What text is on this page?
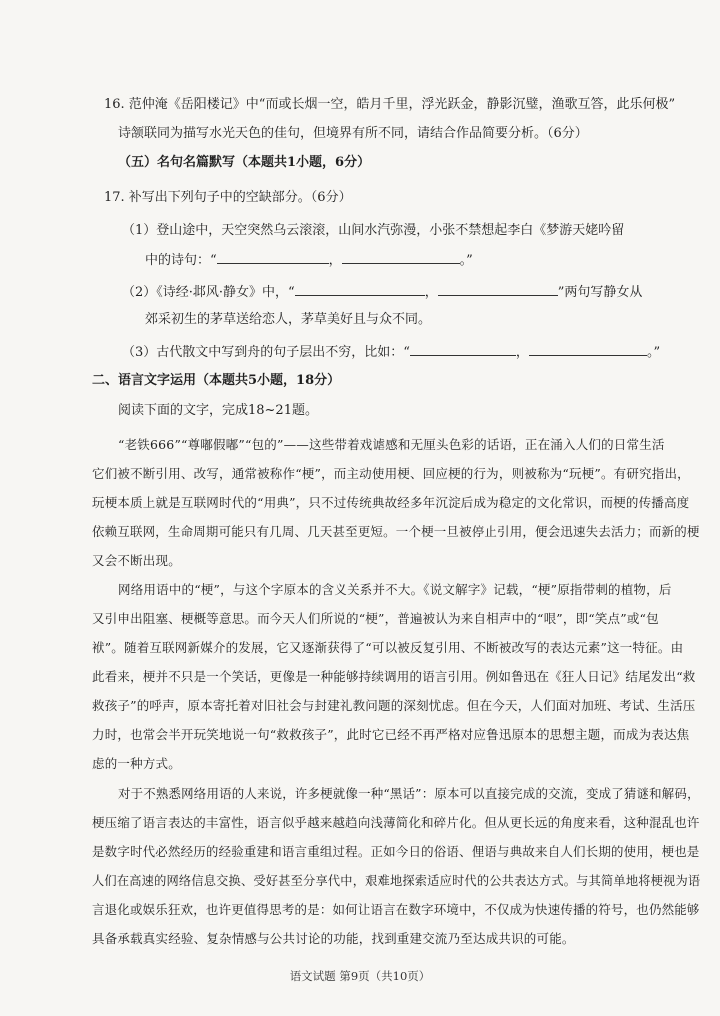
16. 范仲淹《岳阳楼记》中“而或长烟一空，皓月千里，浮光跃金，静影沉璧，渔歌互答，此乐何极”
诗颔联同为描写水光天色的佳句，但境界有所不同，请结合作品简要分析。（6分）
（五）名句名篇默写（本题共1小题，6分）
17. 补写出下列句子中的空缺部分。（6分）
（1）登山途中，天空突然乌云滚滚，山间水汽弥漫，小张不禁想起李白《梦游天姥吟留
中的诗句：“	，	。”
（2）《诗经·邶风·静女》中，“	，	”两句写静女从
郊采初生的茅草送给恋人，茅草美好且与众不同。
（3）古代散文中写到舟的句子层出不穷，比如：“	，	。”
二、语言文字运用（本题共5小题，18分）
阅读下面的文字，完成18~21题。
“老铁666”“尊嘟假嘟”“包的”——这些带着戏谑感和无厘头色彩的话语，正在涌入人们的日常生活
它们被不断引用、改写，通常被称作“梗”，而主动使用梗、回应梗的行为，则被称为“玩梗”。有研究指出，
玩梗本质上就是互联网时代的“用典”，只不过传统典故经多年沉淀后成为稳定的文化常识，而梗的传播高度
依赖互联网，生命周期可能只有几周、几天甚至更短。一个梗一旦被停止引用，便会迅速失去活力；而新的梗
又会不断出现。
网络用语中的“梗”，与这个字原本的含义关系并不大。《说文解字》记载，“梗”原指带刺的植物，后
又引申出阻塞、梗概等意思。而今天人们所说的“梗”，普遍被认为来自相声中的“哏”，即“笑点”或“包
袱”。随着互联网新媒介的发展，它又逐渐获得了“可以被反复引用、不断被改写的表达元素”这一特征。由
此看来，梗并不只是一个笑话，更像是一种能够持续调用的语言引用。例如鲁迅在《狂人日记》结尾发出“救
救孩子”的呼声，原本寄托着对旧社会与封建礼教问题的深刻忧虑。但在今天，人们面对加班、考试、生活压
力时，也常会半开玩笑地说一句“救救孩子”，此时它已经不再严格对应鲁迅原本的思想主题，而成为表达焦
虑的一种方式。
对于不熟悉网络用语的人来说，许多梗就像一种“黑话”：原本可以直接完成的交流，变成了猜谜和解码，
梗压缩了语言表达的丰富性，语言似乎越来越趋向浅薄简化和碎片化。但从更长远的角度来看，这种混乱也许
是数字时代必然经历的经验重建和语言重组过程。正如今日的俗语、俚语与典故来自人们长期的使用，梗也是
人们在高速的网络信息交换、受好甚至分享代中，艰难地探索适应时代的公共表达方式。与其简单地将梗视为语
言退化或娱乐狂欢，也许更值得思考的是：如何让语言在数字环境中，不仅成为快速传播的符号，也仍然能够
具备承载真实经验、复杂情感与公共讨论的功能，找到重建交流乃至达成共识的可能。
语文试题 第9页（共10页）
